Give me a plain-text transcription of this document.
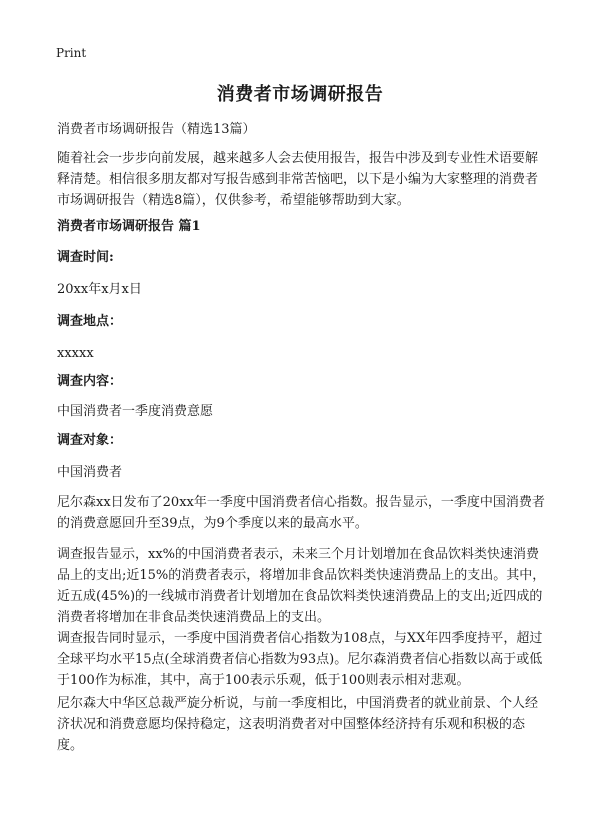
Print
消费者市场调研报告
消费者市场调研报告（精选13篇）
随着社会一步步向前发展，越来越多人会去使用报告，报告中涉及到专业性术语要解释清楚。相信很多朋友都对写报告感到非常苦恼吧，以下是小编为大家整理的消费者市场调研报告（精选8篇），仅供参考，希望能够帮助到大家。
消费者市场调研报告 篇1
调查时间:
20xx年x月x日
调查地点：
xxxxx
调查内容：
中国消费者一季度消费意愿
调查对象：
中国消费者
尼尔森xx日发布了20xx年一季度中国消费者信心指数。报告显示，一季度中国消费者的消费意愿回升至39点，为9个季度以来的最高水平。
调查报告显示，xx%的中国消费者表示，未来三个月计划增加在食品饮料类快速消费品上的支出;近15%的消费者表示，将增加非食品饮料类快速消费品上的支出。其中，近五成(45%)的一线城市消费者计划增加在食品饮料类快速消费品上的支出;近四成的消费者将增加在非食品类快速消费品上的支出。
调查报告同时显示，一季度中国消费者信心指数为108点，与XX年四季度持平，超过全球平均水平15点(全球消费者信心指数为93点)。尼尔森消费者信心指数以高于或低于100作为标准，其中，高于100表示乐观，低于100则表示相对悲观。
尼尔森大中华区总裁严旋分析说，与前一季度相比，中国消费者的就业前景、个人经济状况和消费意愿均保持稳定，这表明消费者对中国整体经济持有乐观和积极的态度。
